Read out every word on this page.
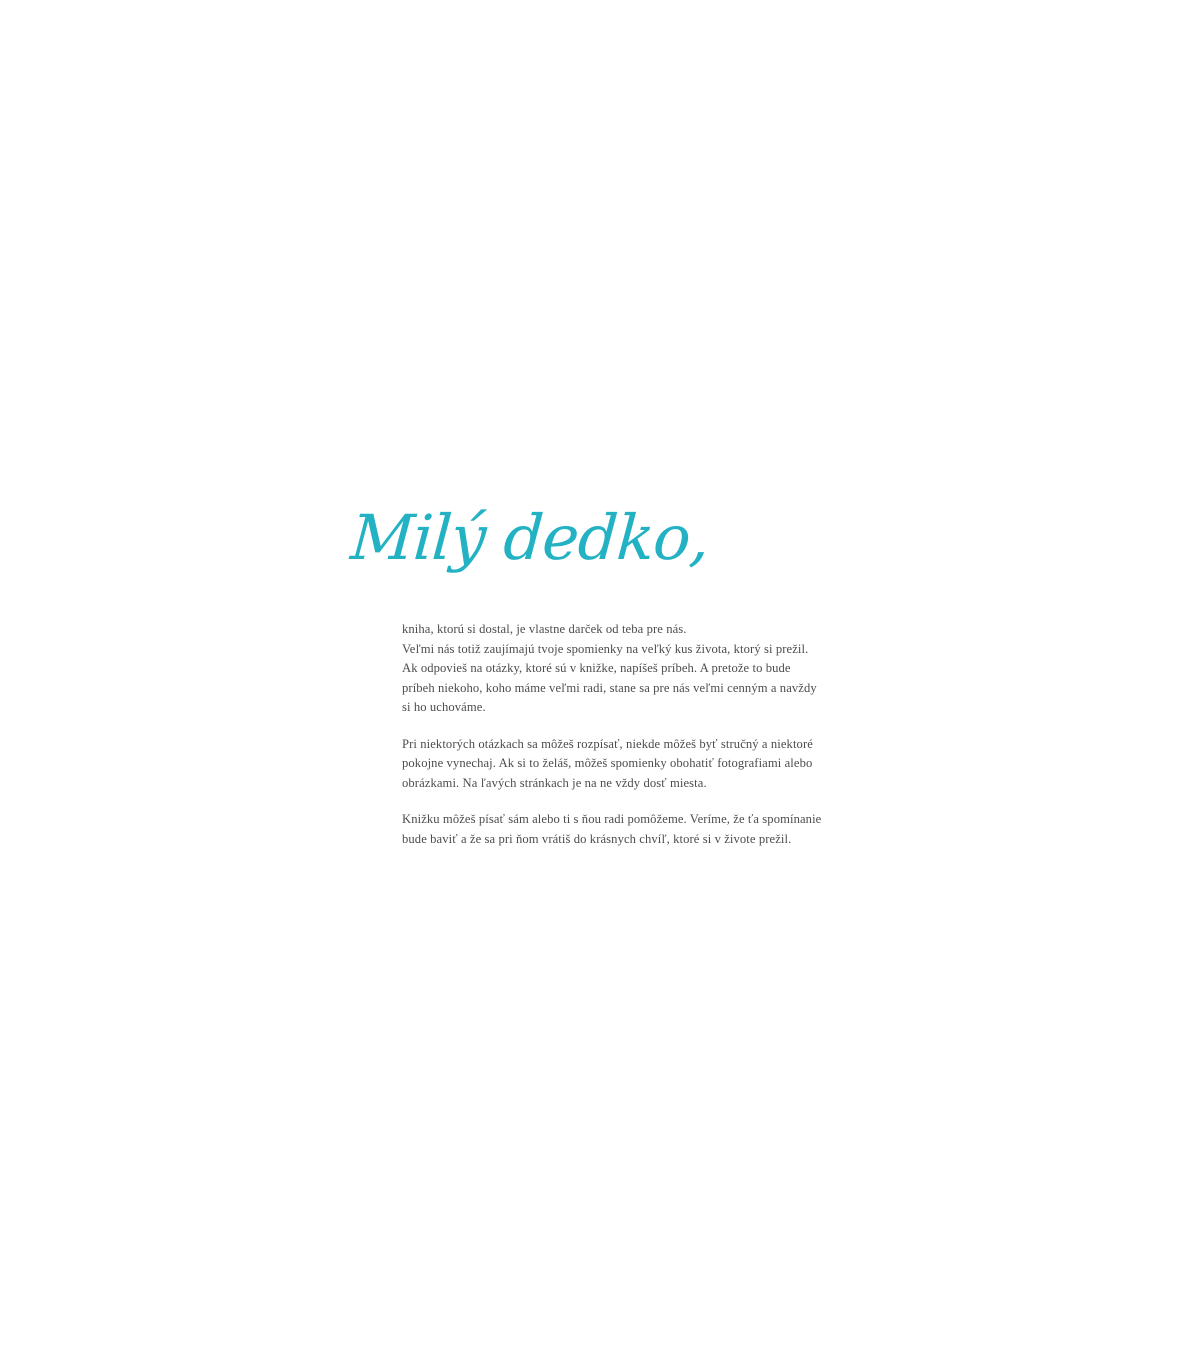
Milý dedko,

kniha, ktorú si dostal, je vlastne darček od teba pre nás.
Veľmi nás totiž zaujímajú tvoje spomienky na veľký kus života, ktorý si prežil.
Ak odpovieš na otázky, ktoré sú v knižke, napíšeš príbeh. A pretože to bude
príbeh niekoho, koho máme veľmi radi, stane sa pre nás veľmi cenným a navždy
si ho uchováme.

Pri niektorých otázkach sa môžeš rozpísať, niekde môžeš byť stručný a niektoré
pokojne vynechaj. Ak si to želáš, môžeš spomienky obohatiť fotografiami alebo
obrázkami. Na ľavých stránkach je na ne vždy dosť miesta.

Knižku môžeš písať sám alebo ti s ňou radi pomôžeme. Veríme, že ťa spomínanie
bude baviť a že sa pri ňom vrátiš do krásnych chvíľ, ktoré si v živote prežil.
